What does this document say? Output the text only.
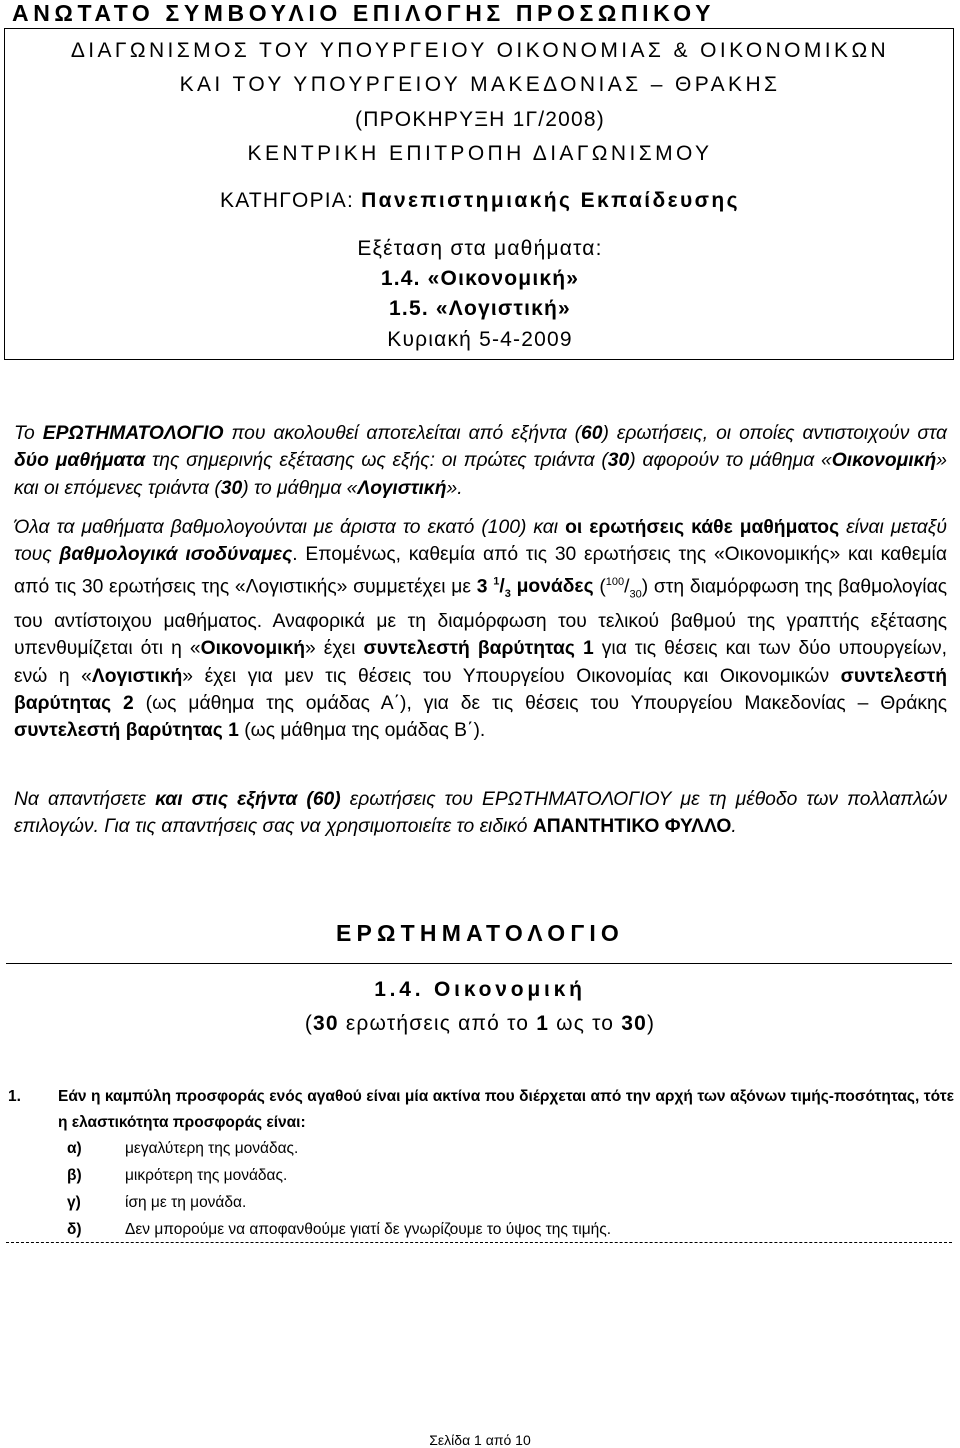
ΑΝΩΤΑΤΟ ΣΥΜΒΟΥΛΙΟ ΕΠΙΛΟΓΗΣ ΠΡΟΣΩΠΙΚΟΥ
ΔΙΑΓΩΝΙΣΜΟΣ ΤΟΥ ΥΠΟΥΡΓΕΙΟΥ ΟΙΚΟΝΟΜΙΑΣ & ΟΙΚΟΝΟΜΙΚΩΝ
ΚΑΙ ΤΟΥ ΥΠΟΥΡΓΕΙΟΥ ΜΑΚΕΔΟΝΙΑΣ – ΘΡΑΚΗΣ
(ΠΡΟΚΗΡΥΞΗ 1Γ/2008)
ΚΕΝΤΡΙΚΗ ΕΠΙΤΡΟΠΗ ΔΙΑΓΩΝΙΣΜΟΥ
ΚΑΤΗΓΟΡΙΑ: Πανεπιστημιακής Εκπαίδευσης
Εξέταση στα μαθήματα:
1.4. «Οικονομική»
1.5. «Λογιστική»
Κυριακή 5-4-2009
Το ΕΡΩΤΗΜΑΤΟΛΟΓΙΟ που ακολουθεί αποτελείται από εξήντα (60) ερωτήσεις, οι οποίες αντιστοιχούν στα δύο μαθήματα της σημερινής εξέτασης ως εξής: οι πρώτες τριάντα (30) αφορούν το μάθημα «Οικονομική» και οι επόμενες τριάντα (30) το μάθημα «Λογιστική».
Όλα τα μαθήματα βαθμολογούνται με άριστα το εκατό (100) και οι ερωτήσεις κάθε μαθήματος είναι μεταξύ τους βαθμολογικά ισοδύναμες. Επομένως, καθεμία από τις 30 ερωτήσεις της «Οικονομικής» και καθεμία από τις 30 ερωτήσεις της «Λογιστικής» συμμετέχει με 3 $^1/_3$ μονάδες $(^{100}/_{30})$ στη διαμόρφωση της βαθμολογίας του αντίστοιχου μαθήματος. Αναφορικά με τη διαμόρφωση του τελικού βαθμού της γραπτής εξέτασης υπενθυμίζεται ότι η «Οικονομική» έχει συντελεστή βαρύτητας 1 για τις θέσεις και των δύο υπουργείων, ενώ η «Λογιστική» έχει για μεν τις θέσεις του Υπουργείου Οικονομίας και Οικονομικών συντελεστή βαρύτητας 2 (ως μάθημα της ομάδας Α΄), για δε τις θέσεις του Υπουργείου Μακεδονίας – Θράκης συντελεστή βαρύτητας 1 (ως μάθημα της ομάδας Β΄).
Να απαντήσετε και στις εξήντα (60) ερωτήσεις του ΕΡΩΤΗΜΑΤΟΛΟΓΙΟΥ με τη μέθοδο των πολλαπλών επιλογών. Για τις απαντήσεις σας να χρησιμοποιείτε το ειδικό ΑΠΑΝΤΗΤΙΚΟ ΦΥΛΛΟ.
ΕΡΩΤΗΜΑΤΟΛΟΓΙΟ
1.4. Οικονομική
(30 ερωτήσεις από το 1 ως το 30)
1. Εάν η καμπύλη προσφοράς ενός αγαθού είναι μία ακτίνα που διέρχεται από την αρχή των αξόνων τιμής-ποσότητας, τότε η ελαστικότητα προσφοράς είναι:
α)	μεγαλύτερη της μονάδας.
β)	μικρότερη της μονάδας.
γ)	ίση με τη μονάδα.
δ)	Δεν μπορούμε να αποφανθούμε γιατί δε γνωρίζουμε το ύψος της τιμής.
Σελίδα 1 από 10
